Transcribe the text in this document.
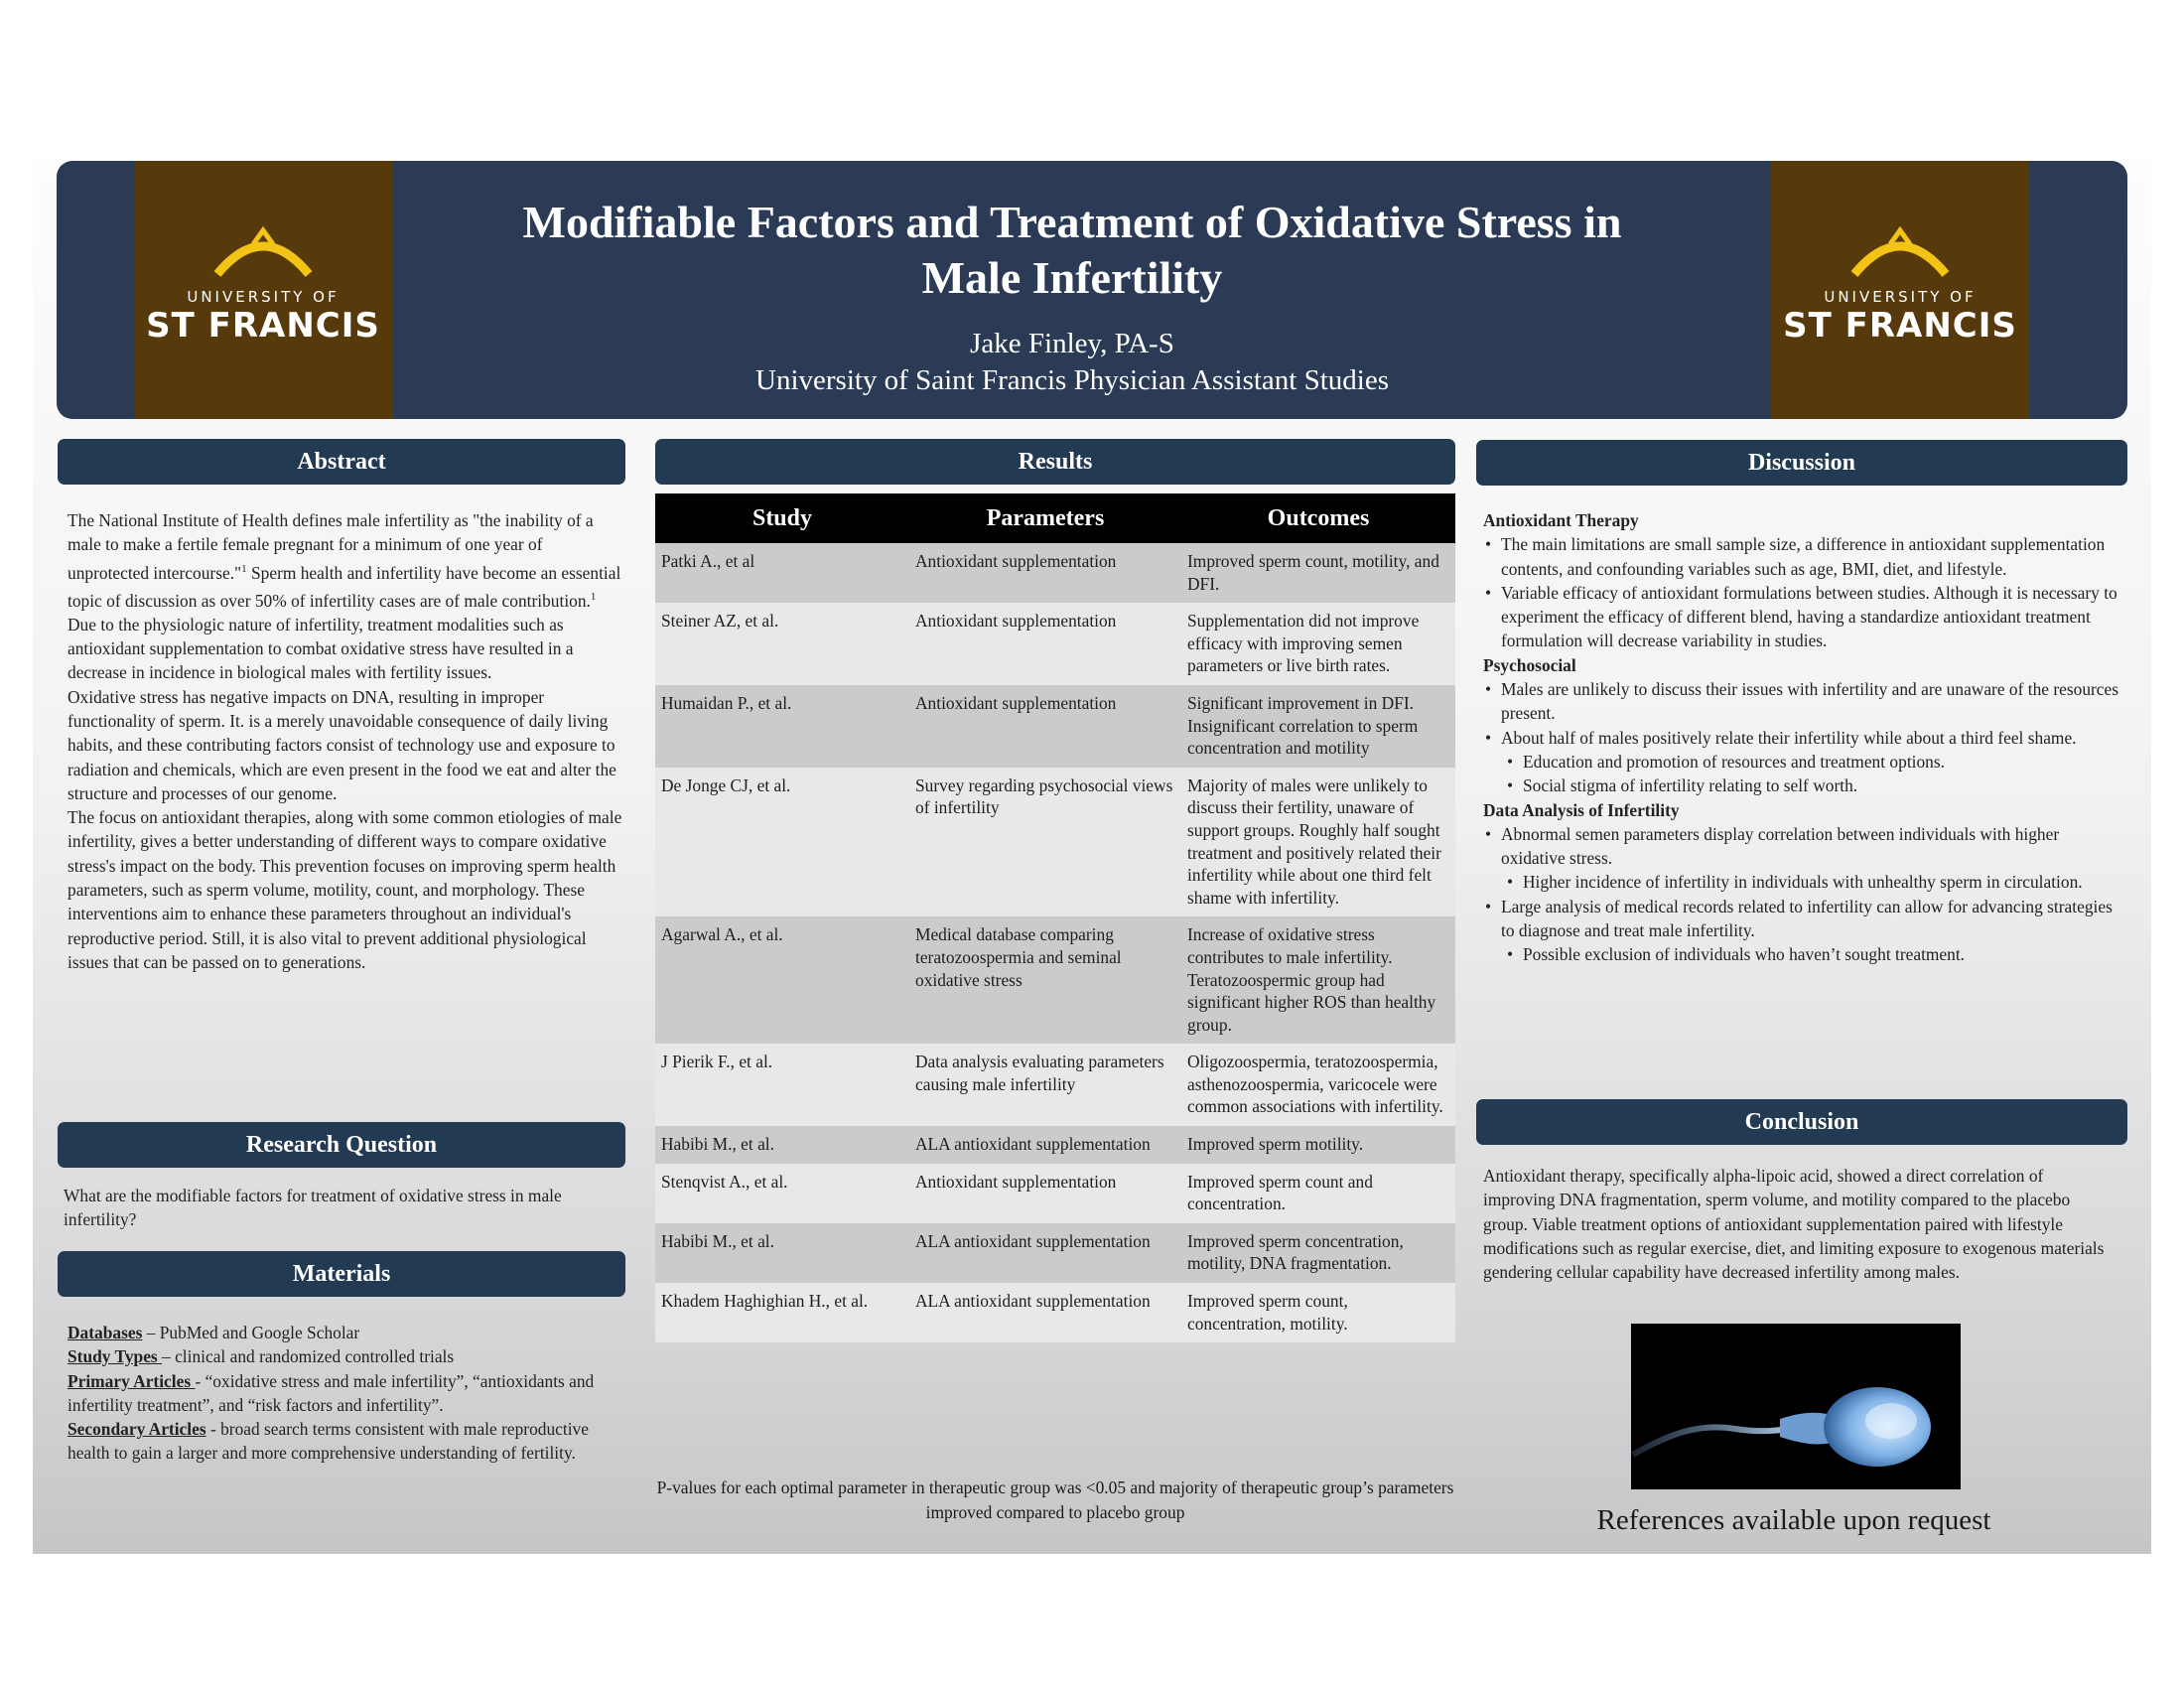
UNIVERSITY OF
ST FRANCIS
UNIVERSITY OF
ST FRANCIS
Modifiable Factors and Treatment of Oxidative Stress in
Male Infertility
Jake Finley, PA-S
University of Saint Francis Physician Assistant Studies
Abstract

The National Institute of Health defines male infertility as "the inability of a male to make a fertile female pregnant for a minimum of one year of unprotected intercourse."$^1$ Sperm health and infertility have become an essential topic of discussion as over 50% of infertility cases are of male contribution.$^1$ Due to the physiologic nature of infertility, treatment modalities such as antioxidant supplementation to combat oxidative stress have resulted in a decrease in incidence in biological males with fertility issues.

Oxidative stress has negative impacts on DNA, resulting in improper functionality of sperm. It. is a merely unavoidable consequence of daily living habits, and these contributing factors consist of technology use and exposure to radiation and chemicals, which are even present in the food we eat and alter the structure and processes of our genome.

The focus on antioxidant therapies, along with some common etiologies of male infertility, gives a better understanding of different ways to compare oxidative stress's impact on the body. This prevention focuses on improving sperm health parameters, such as sperm volume, motility, count, and morphology. These interventions aim to enhance these parameters throughout an individual's reproductive period. Still, it is also vital to prevent additional physiological issues that can be passed on to generations.

Research Question
What are the modifiable factors for treatment of oxidative stress in male infertility?
Materials

Databases – PubMed and Google Scholar

Study Types – clinical and randomized controlled trials

Primary Articles - “oxidative stress and male infertility”, “antioxidants and infertility treatment”, and “risk factors and infertility”.

Secondary Articles - broad search terms consistent with male reproductive health to gain a larger and more comprehensive understanding of fertility.

Results
Study	Parameters	Outcomes
Patki A., et al	Antioxidant supplementation	Improved sperm count, motility, and DFI.
Steiner AZ, et al.	Antioxidant supplementation	Supplementation did not improve efficacy with improving semen parameters or live birth rates.
Humaidan P., et al.	Antioxidant supplementation	Significant improvement in DFI. Insignificant correlation to sperm concentration and motility
De Jonge CJ, et al.	Survey regarding psychosocial views of infertility	Majority of males were unlikely to discuss their fertility, unaware of support groups. Roughly half sought treatment and positively related their infertility while about one third felt shame with infertility.
Agarwal A., et al.	Medical database comparing teratozoospermia and seminal oxidative stress	Increase of oxidative stress contributes to male infertility. Teratozoospermic group had significant higher ROS than healthy group.
J Pierik F., et al.	Data analysis evaluating parameters causing male infertility	Oligozoospermia, teratozoospermia, asthenozoospermia, varicocele were common associations with infertility.
Habibi M., et al.	ALA antioxidant supplementation	Improved sperm motility.
Stenqvist A., et al.	Antioxidant supplementation	Improved sperm count and concentration.
Habibi M., et al.	ALA antioxidant supplementation	Improved sperm concentration, motility, DNA fragmentation.
Khadem Haghighian H., et al.	ALA antioxidant supplementation	Improved sperm count, concentration, motility.
P-values for each optimal parameter in therapeutic group was <0.05 and majority of therapeutic group’s parameters improved compared to placebo group
Discussion
Antioxidant Therapy
• The main limitations are small sample size, a difference in antioxidant supplementation contents, and confounding variables such as age, BMI, diet, and lifestyle.
• Variable efficacy of antioxidant formulations between studies. Although it is necessary to experiment the efficacy of different blend, having a standardize antioxidant treatment formulation will decrease variability in studies.
Psychosocial
• Males are unlikely to discuss their issues with infertility and are unaware of the resources present.
• About half of males positively relate their infertility while about a third feel shame.
• Education and promotion of resources and treatment options.
• Social stigma of infertility relating to self worth.
Data Analysis of Infertility
• Abnormal semen parameters display correlation between individuals with higher oxidative stress.
• Higher incidence of infertility in individuals with unhealthy sperm in circulation.
• Large analysis of medical records related to infertility can allow for advancing strategies to diagnose and treat male infertility.
• Possible exclusion of individuals who haven’t sought treatment.
Conclusion
Antioxidant therapy, specifically alpha-lipoic acid, showed a direct correlation of improving DNA fragmentation, sperm volume, and motility compared to the placebo group. Viable treatment options of antioxidant supplementation paired with lifestyle modifications such as regular exercise, diet, and limiting exposure to exogenous materials gendering cellular capability have decreased infertility among males.
References available upon request
